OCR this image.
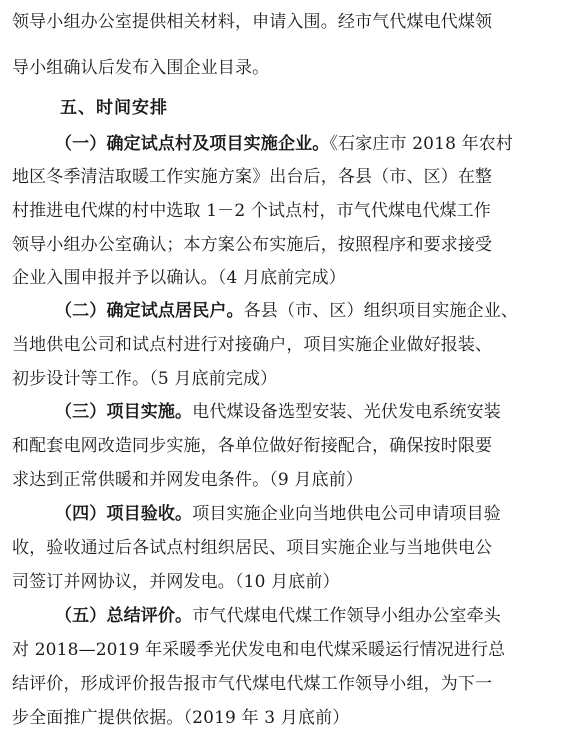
领导小组办公室提供相关材料，申请入围。经市气代煤电代煤领
导小组确认后发布入围企业目录。
五、时间安排
（一）确定试点村及项目实施企业。《石家庄市 2018 年农村
地区冬季清洁取暖工作实施方案》出台后，各县（市、区）在整
村推进电代煤的村中选取 1－2 个试点村，市气代煤电代煤工作
领导小组办公室确认；本方案公布实施后，按照程序和要求接受
企业入围申报并予以确认。（4 月底前完成）
（二）确定试点居民户。各县（市、区）组织项目实施企业、
当地供电公司和试点村进行对接确户，项目实施企业做好报装、
初步设计等工作。（5 月底前完成）
（三）项目实施。电代煤设备选型安装、光伏发电系统安装
和配套电网改造同步实施，各单位做好衔接配合，确保按时限要
求达到正常供暖和并网发电条件。（9 月底前）
（四）项目验收。项目实施企业向当地供电公司申请项目验
收，验收通过后各试点村组织居民、项目实施企业与当地供电公
司签订并网协议，并网发电。（10 月底前）
（五）总结评价。市气代煤电代煤工作领导小组办公室牵头
对 2018—2019 年采暖季光伏发电和电代煤采暖运行情况进行总
结评价，形成评价报告报市气代煤电代煤工作领导小组，为下一
步全面推广提供依据。（2019 年 3 月底前）
